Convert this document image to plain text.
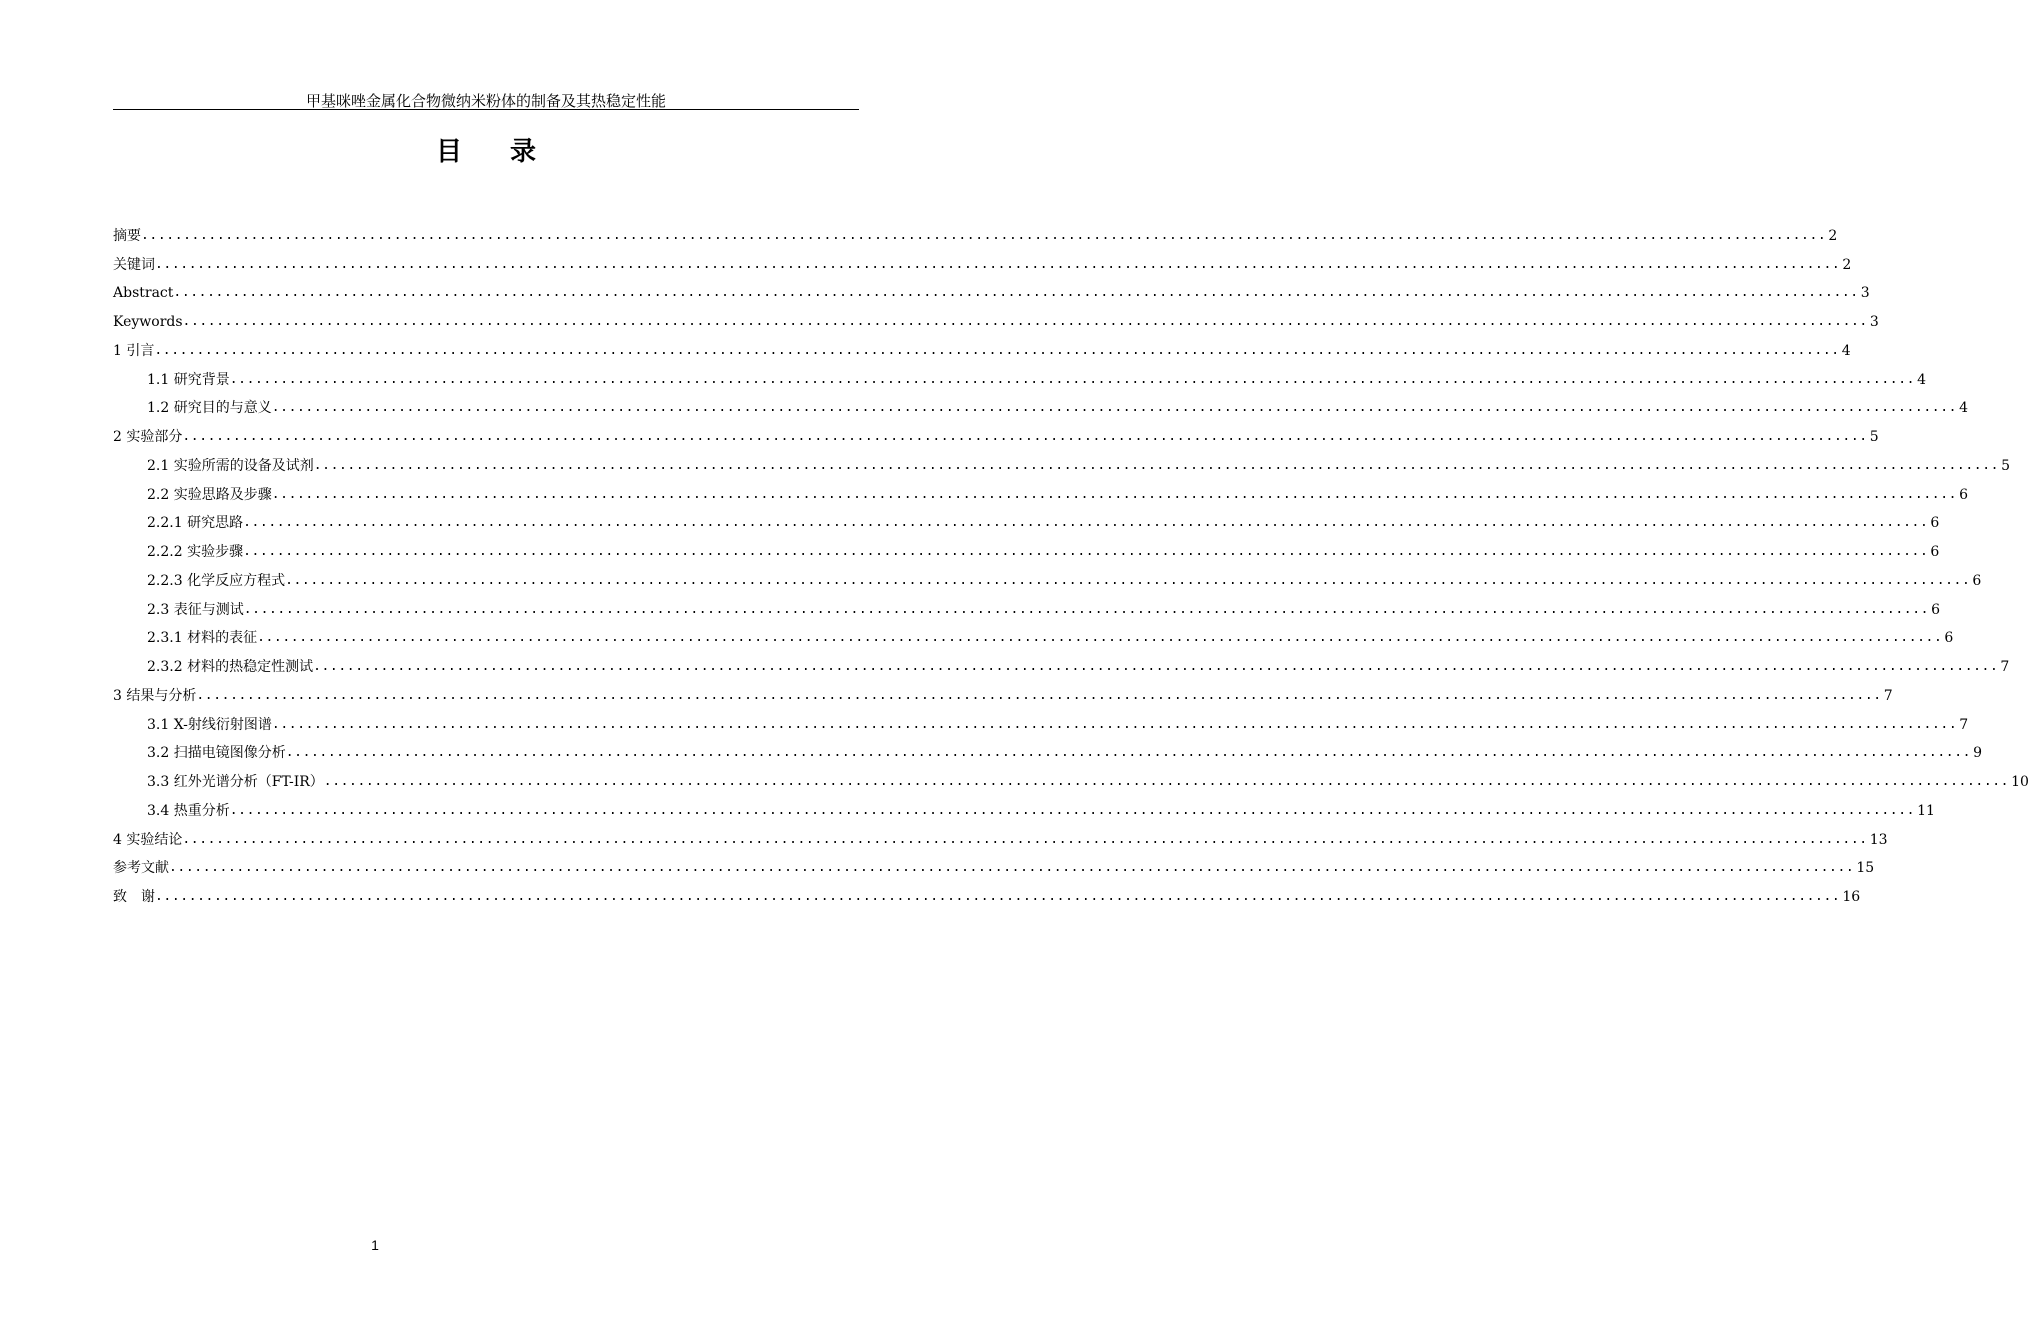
甲基咪唑金属化合物微纳米粉体的制备及其热稳定性能
目 录
摘要 ........................................................................................................................................................................................................ 2
关键词 ........................................................................................................................................................................................................ 2
Abstract ........................................................................................................................................................................................................ 3
Keywords ........................................................................................................................................................................................................ 3
1 引言 ........................................................................................................................................................................................................ 4
1.1 研究背景 ........................................................................................................................................................................................................ 4
1.2 研究目的与意义 ........................................................................................................................................................................................................ 4
2 实验部分 ........................................................................................................................................................................................................ 5
2.1 实验所需的设备及试剂 ........................................................................................................................................................................................................ 5
2.2 实验思路及步骤 ........................................................................................................................................................................................................ 6
2.2.1 研究思路 ........................................................................................................................................................................................................ 6
2.2.2 实验步骤 ........................................................................................................................................................................................................ 6
2.2.3 化学反应方程式 ........................................................................................................................................................................................................ 6
2.3 表征与测试 ........................................................................................................................................................................................................ 6
2.3.1 材料的表征 ........................................................................................................................................................................................................ 6
2.3.2 材料的热稳定性测试 ........................................................................................................................................................................................................ 7
3 结果与分析 ........................................................................................................................................................................................................ 7
3.1 X-射线衍射图谱 ........................................................................................................................................................................................................ 7
3.2 扫描电镜图像分析 ........................................................................................................................................................................................................ 9
3.3 红外光谱分析（FT-IR） ........................................................................................................................................................................................................ 10
3.4 热重分析 ........................................................................................................................................................................................................ 11
4 实验结论 ........................................................................................................................................................................................................ 13
参考文献 ........................................................................................................................................................................................................ 15
致　谢 ........................................................................................................................................................................................................ 16
1
